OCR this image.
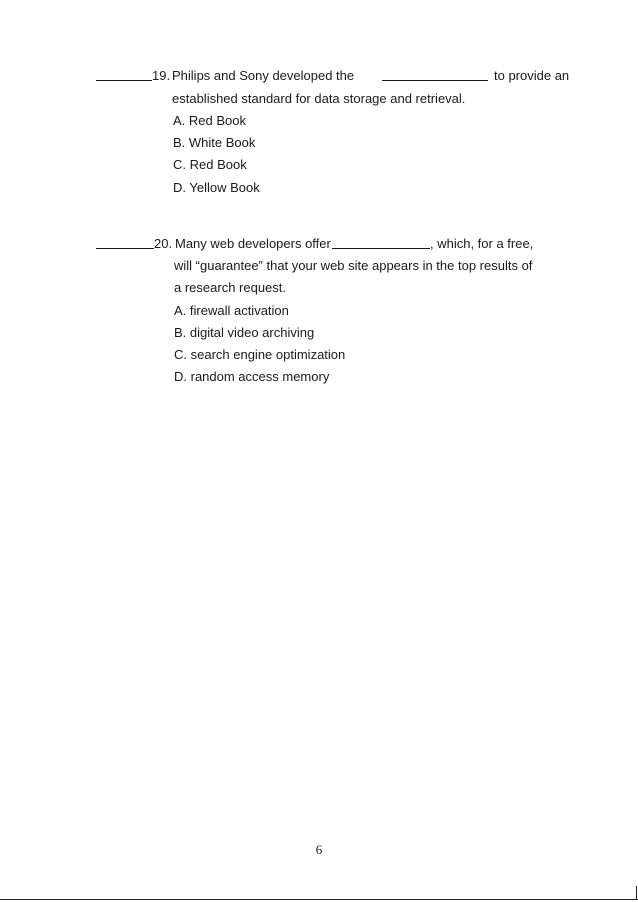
19. Philips and Sony developed the	to provide an
established standard for data storage and retrieval.
A. Red Book
B. White Book
C. Red Book
D. Yellow Book
20. Many web developers offer	, which, for a free,
will “guarantee” that your web site appears in the top results of
a research request.
A. firewall activation
B. digital video archiving
C. search engine optimization
D. random access memory
6
